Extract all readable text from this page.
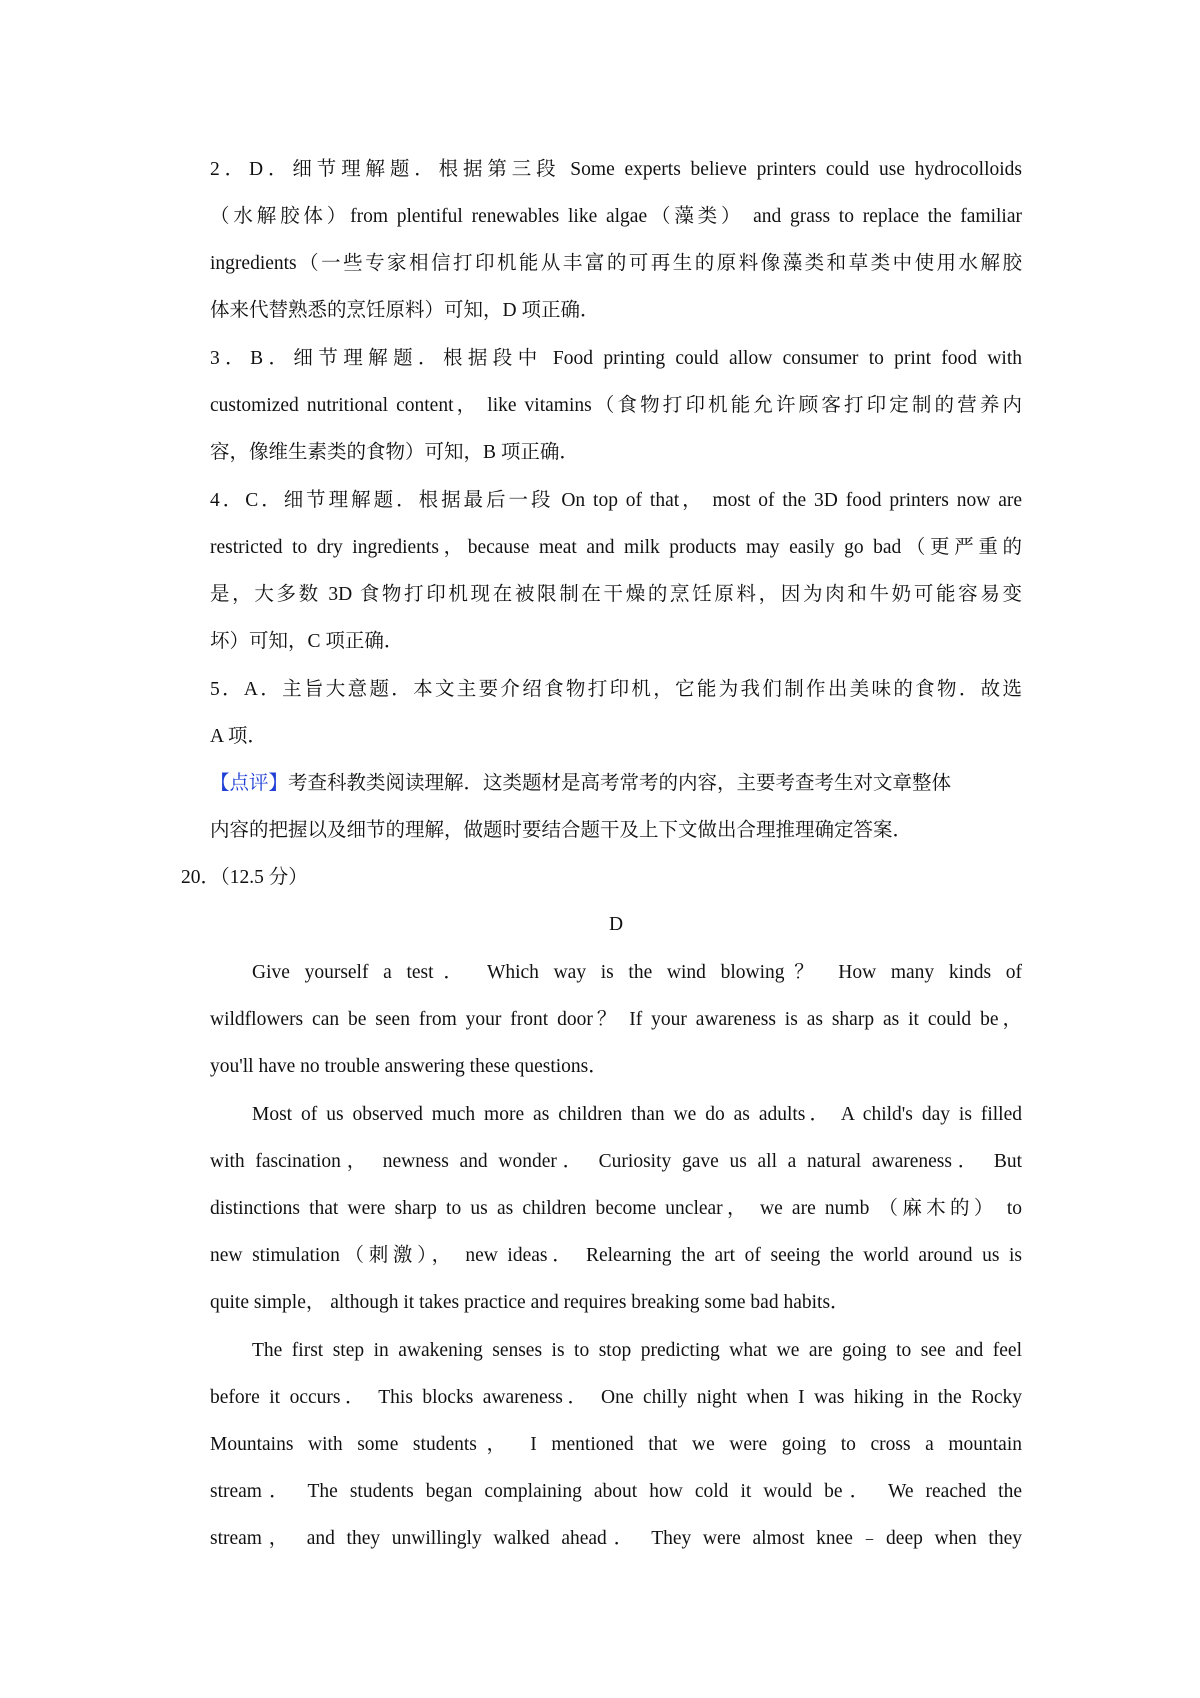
2．D．细节理解题．根据第三段 Some experts believe printers could use hydrocolloids
（水解胶体）from plentiful renewables like algae（藻类） and grass to replace the familiar
ingredients（一些专家相信打印机能从丰富的可再生的原料像藻类和草类中使用水解胶
体来代替熟悉的烹饪原料）可知，D 项正确．
3．B．细节理解题．根据段中 Food printing could allow consumer to print food with
customized nutritional content， like vitamins（食物打印机能允许顾客打印定制的营养内
容，像维生素类的食物）可知，B 项正确．
4．C．细节理解题．根据最后一段 On top of that， most of the 3D food printers now are
restricted to dry ingredients，because meat and milk products may easily go bad（更严重的
是，大多数 3D 食物打印机现在被限制在干燥的烹饪原料，因为肉和牛奶可能容易变
坏）可知，C 项正确．
5．A．主旨大意题．本文主要介绍食物打印机，它能为我们制作出美味的食物．故选
A 项．
【点评】考查科教类阅读理解．这类题材是高考常考的内容，主要考查考生对文章整体
内容的把握以及细节的理解，做题时要结合题干及上下文做出合理推理确定答案．
20．（12.5 分）
D
Give yourself a test． Which way is the wind blowing？ How many kinds of
wildflowers can be seen from your front door？ If your awareness is as sharp as it could be，
you'll have no trouble answering these questions．
Most of us observed much more as children than we do as adults． A child's day is filled
with fascination， newness and wonder． Curiosity gave us all a natural awareness． But
distinctions that were sharp to us as children become unclear， we are numb （麻木的） to
new stimulation（刺激）， new ideas． Relearning the art of seeing the world around us is
quite simple， although it takes practice and requires breaking some bad habits．
The first step in awakening senses is to stop predicting what we are going to see and feel
before it occurs． This blocks awareness． One chilly night when I was hiking in the Rocky
Mountains with some students， I mentioned that we were going to cross a mountain
stream． The students began complaining about how cold it would be． We reached the
stream， and they unwillingly walked ahead． They were almost knee﹣deep when they
